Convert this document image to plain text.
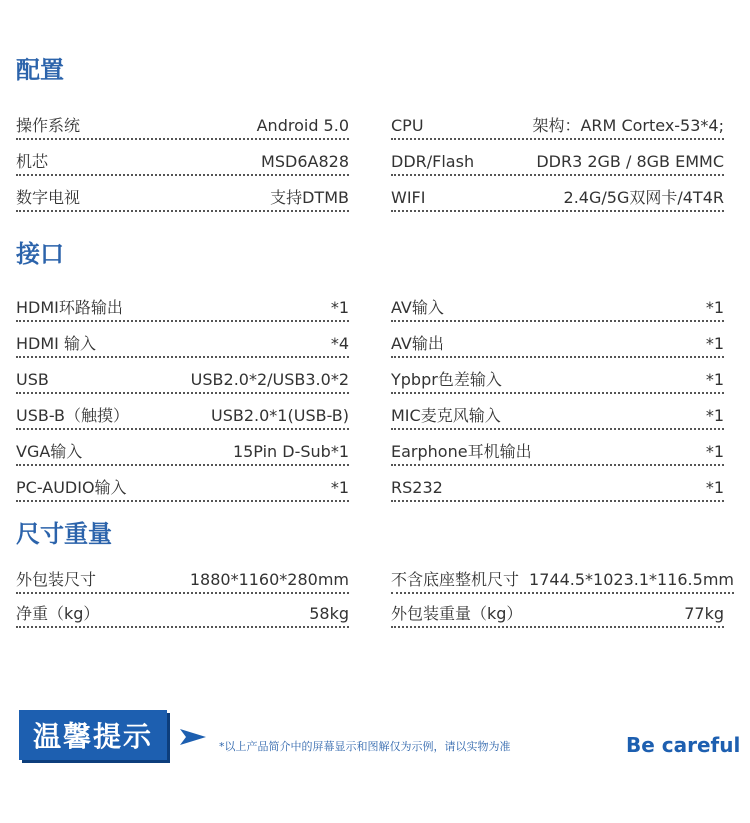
配置
操作系统	Android 5.0
机芯	MSD6A828
数字电视	支持DTMB
CPU	架构：ARM Cortex-53*4;
DDR/Flash	DDR3 2GB / 8GB EMMC
WIFI	2.4G/5G双网卡/4T4R
接口
HDMI环路输出	*1
HDMI 输入	*4
USB	USB2.0*2/USB3.0*2
USB-B（触摸）	USB2.0*1(USB-B)
VGA输入	15Pin D-Sub*1
PC-AUDIO输入	*1
AV输入	*1
AV输出	*1
Ypbpr色差输入	*1
MIC麦克风输入	*1
Earphone耳机输出	*1
RS232	*1
尺寸重量
外包装尺寸	1880*1160*280mm
净重（kg）	58kg
不含底座整机尺寸 1744.5*1023.1*116.5mm
外包装重量（kg）	77kg
温馨提示	*以上产品简介中的屏幕显示和图解仅为示例，请以实物为准	Be careful
